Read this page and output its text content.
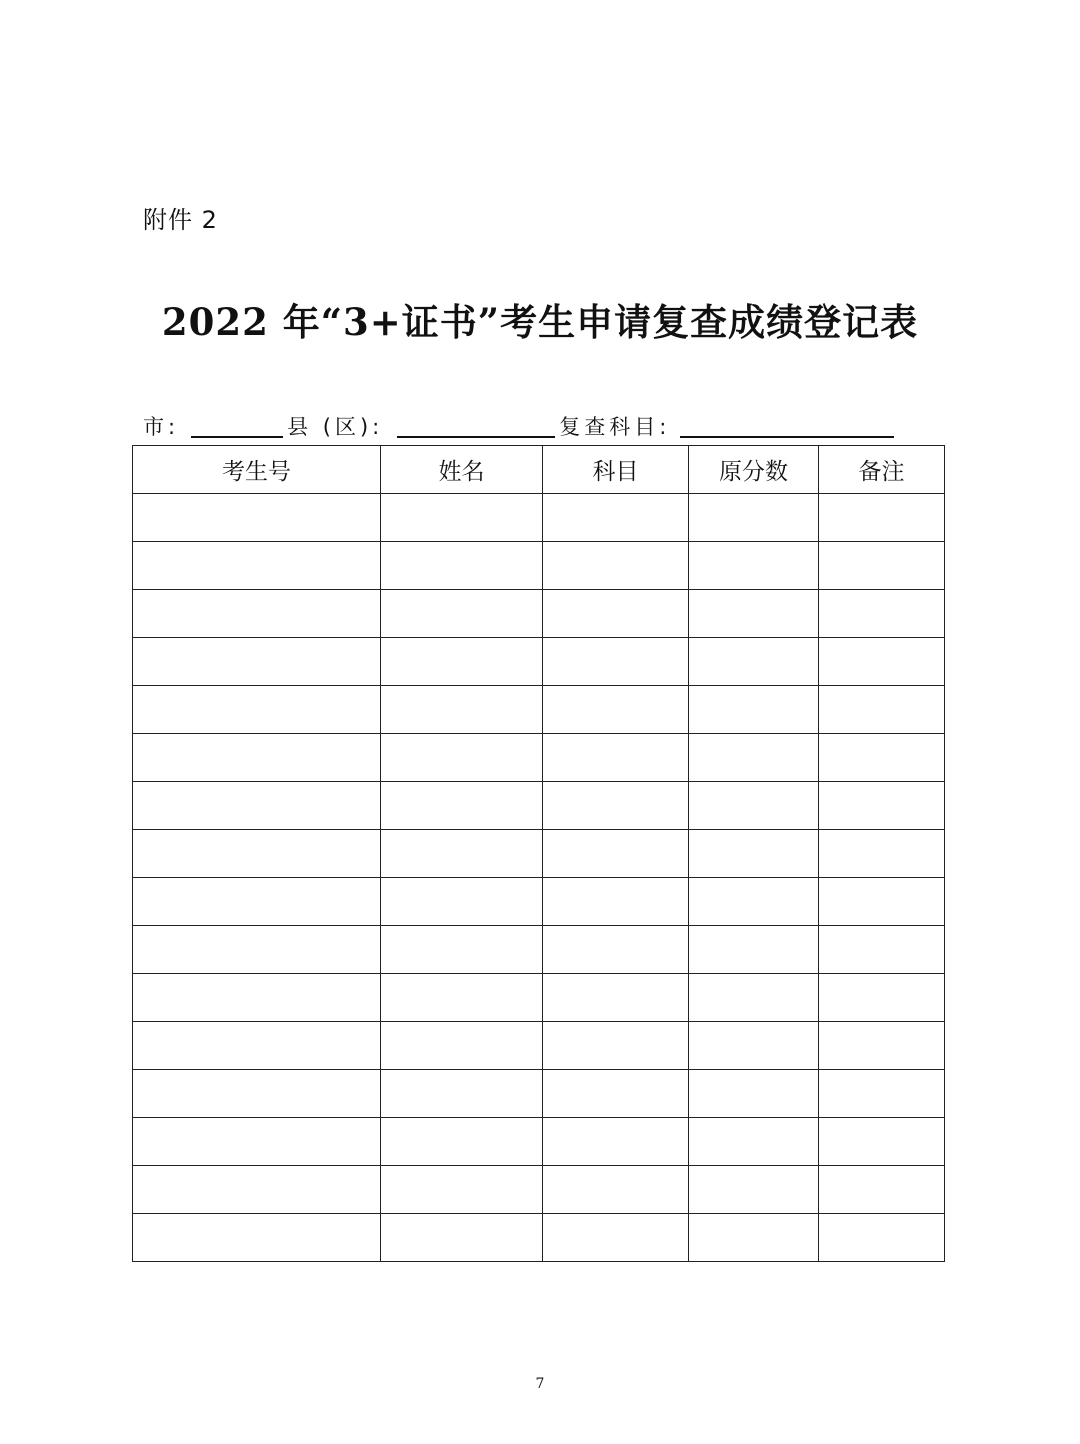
附件 2
2022 年“3+证书”考生申请复查成绩登记表
市:	县 (区):	复查科目:
考生号	姓名	科目	原分数	备注

7
